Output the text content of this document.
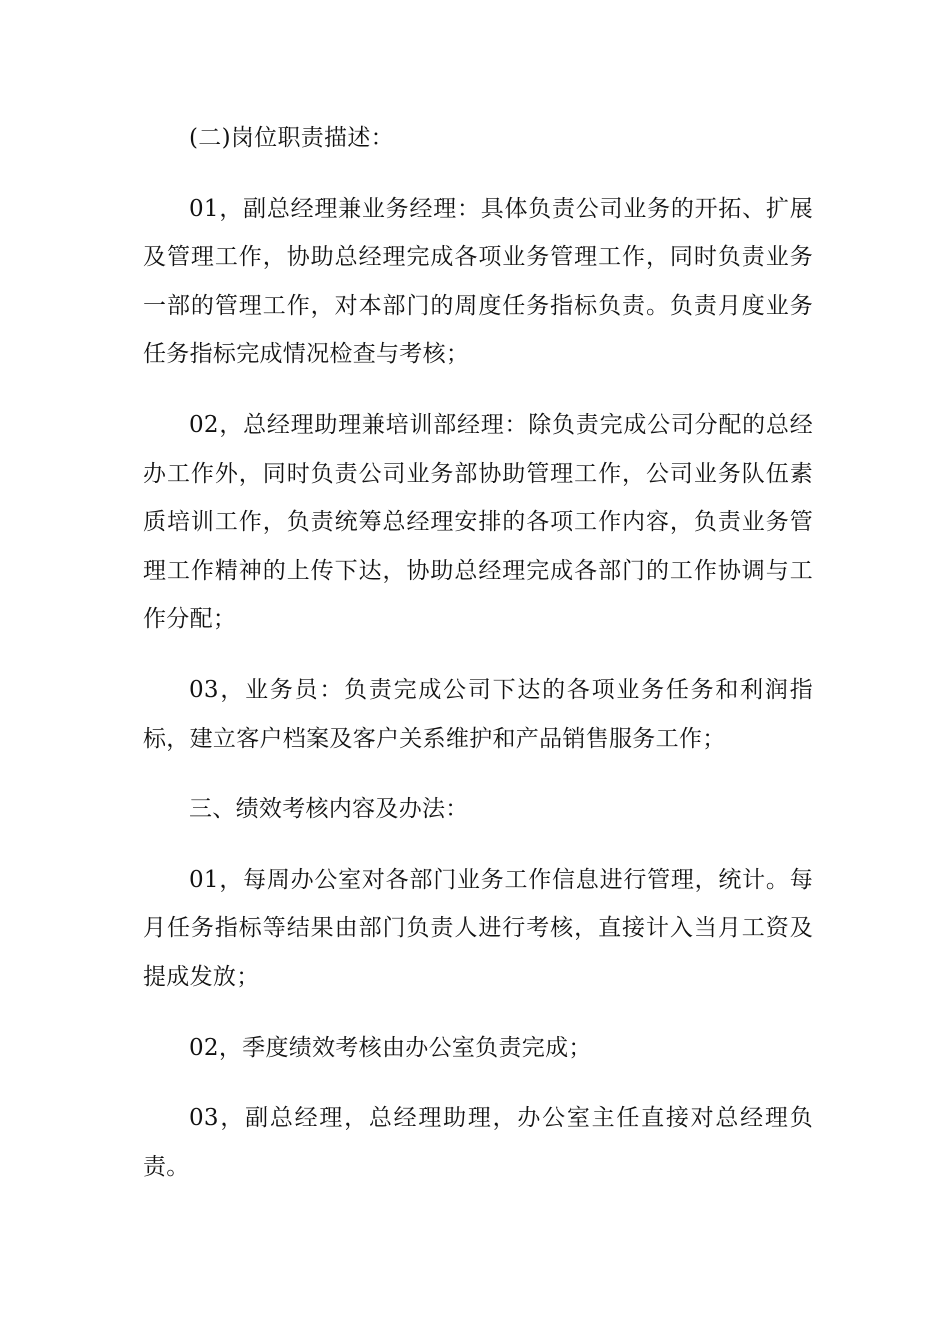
(二)岗位职责描述：

01，副总经理兼业务经理：具体负责公司业务的开拓、扩展及管理工作，协助总经理完成各项业务管理工作，同时负责业务一部的管理工作，对本部门的周度任务指标负责。负责月度业务任务指标完成情况检查与考核；

02，总经理助理兼培训部经理：除负责完成公司分配的总经办工作外，同时负责公司业务部协助管理工作，公司业务队伍素质培训工作，负责统筹总经理安排的各项工作内容，负责业务管理工作精神的上传下达，协助总经理完成各部门的工作协调与工作分配；

03，业务员：负责完成公司下达的各项业务任务和利润指标，建立客户档案及客户关系维护和产品销售服务工作；

三、绩效考核内容及办法：

01，每周办公室对各部门业务工作信息进行管理，统计。每月任务指标等结果由部门负责人进行考核，直接计入当月工资及提成发放；

02，季度绩效考核由办公室负责完成；

03，副总经理，总经理助理，办公室主任直接对总经理负责。
